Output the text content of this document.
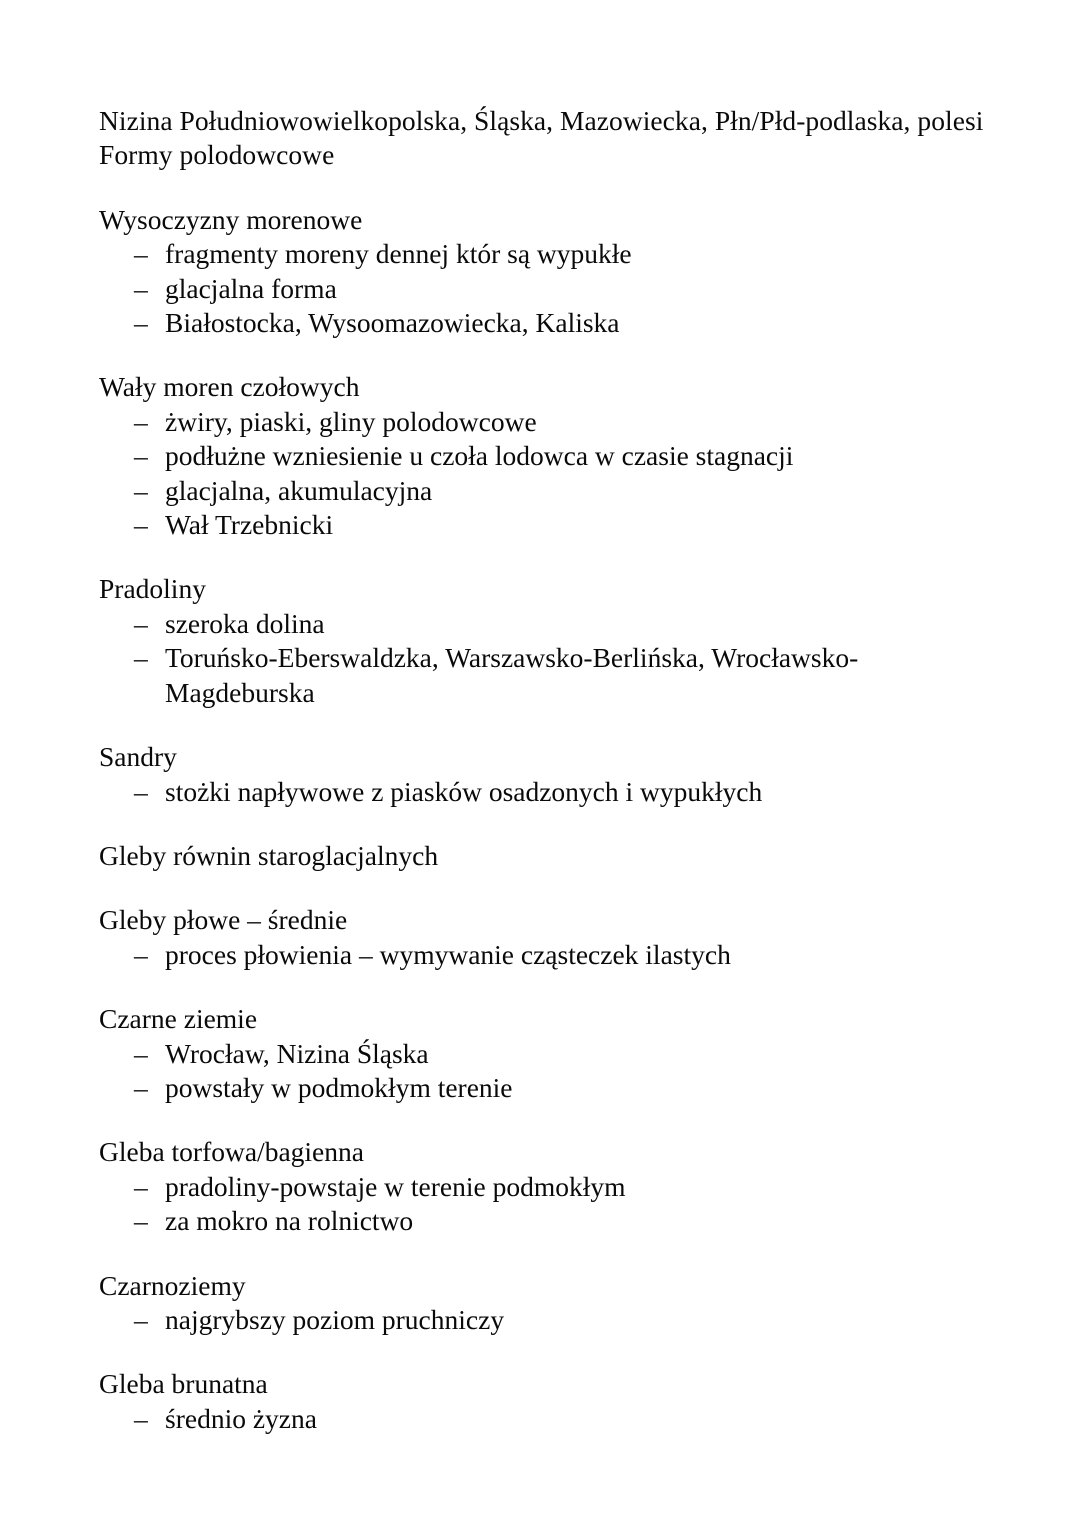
Nizina Południowowielkopolska, Śląska, Mazowiecka, Płn/Płd-podlaska, polesi

Formy polodowcowe

Wysoczyzny morenowe

– fragmenty moreny dennej któr są wypukłe
– glacjalna forma
– Białostocka, Wysoomazowiecka, Kaliska

Wały moren czołowych

– żwiry, piaski, gliny polodowcowe
– podłużne wzniesienie u czoła lodowca w czasie stagnacji
– glacjalna, akumulacyjna
– Wał Trzebnicki

Pradoliny

– szeroka dolina
– Toruńsko-Eberswaldzka, Warszawsko-Berlińska, Wrocławsko-Magdeburska

Sandry

– stożki napływowe z piasków osadzonych i wypukłych

Gleby równin staroglacjalnych

Gleby płowe – średnie

– proces płowienia – wymywanie cząsteczek ilastych

Czarne ziemie

– Wrocław, Nizina Śląska
– powstały w podmokłym terenie

Gleba torfowa/bagienna

– pradoliny-powstaje w terenie podmokłym
– za mokro na rolnictwo

Czarnoziemy

– najgrybszy poziom pruchniczy

Gleba brunatna

– średnio żyzna
